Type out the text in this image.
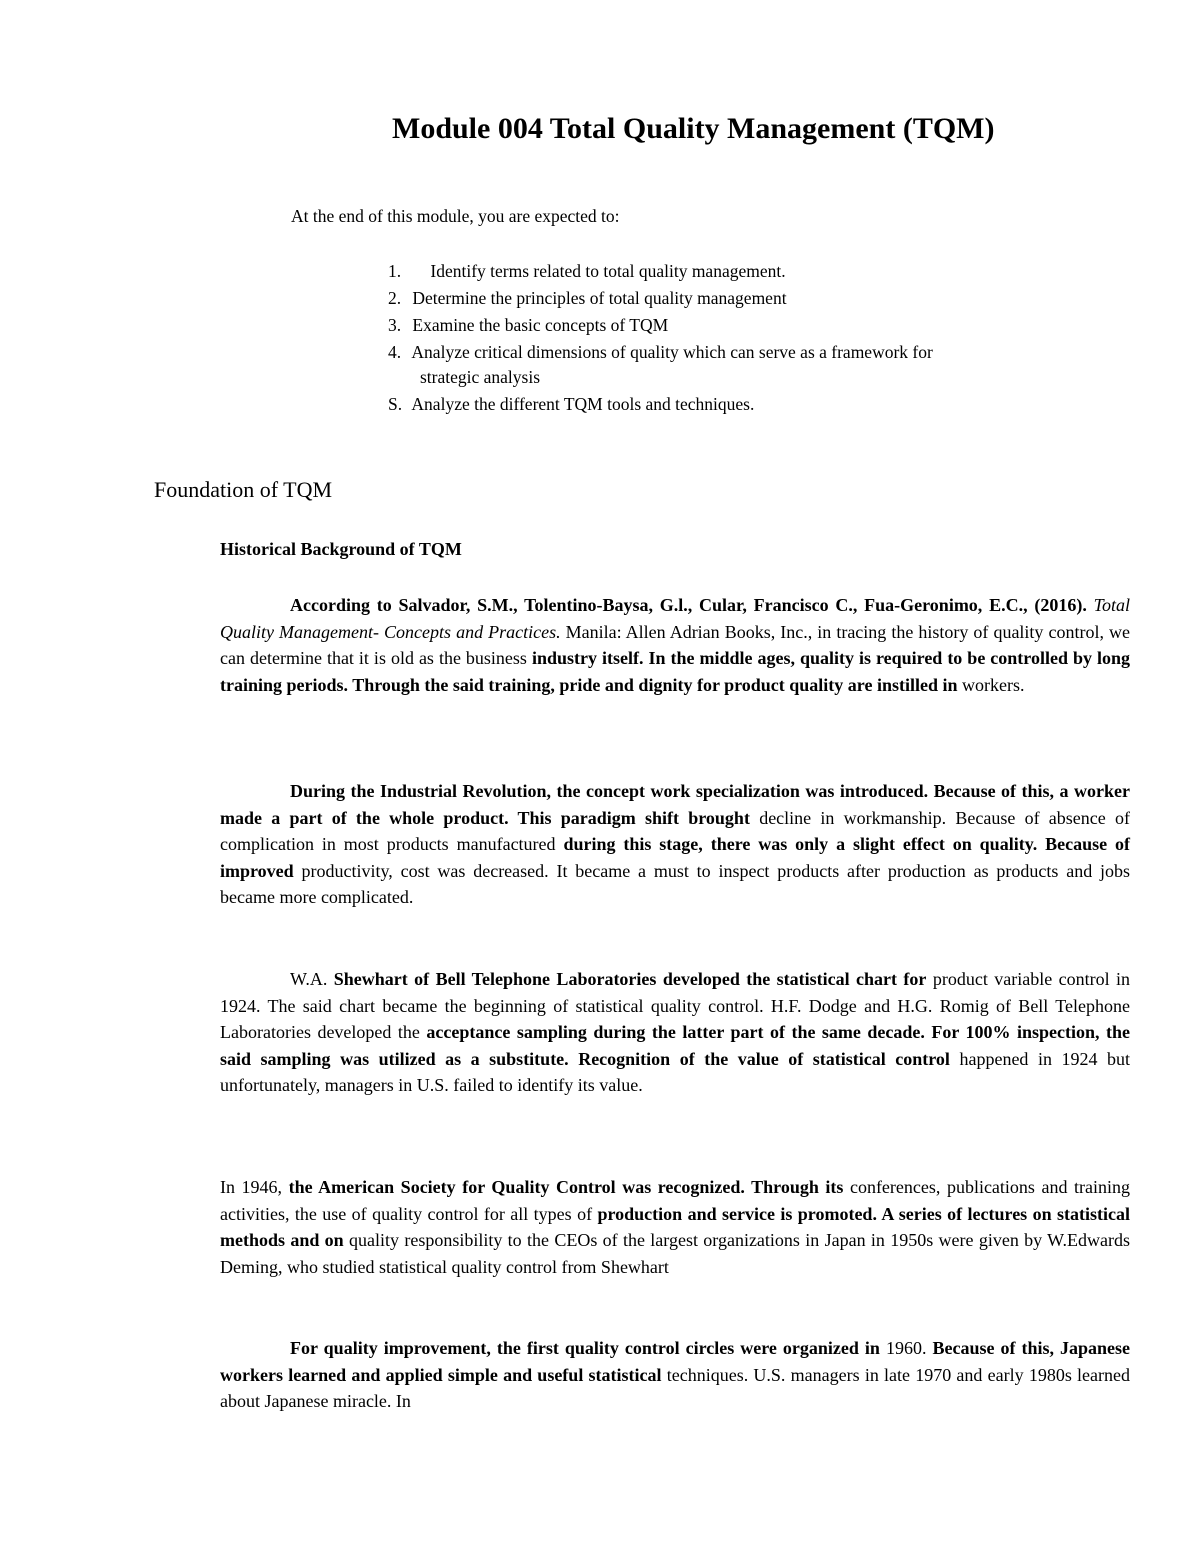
Module 004 Total Quality Management (TQM)

At the end of this module, you are expected to:

1. Identify terms related to total quality management.
2. Determine the principles of total quality management
3. Examine the basic concepts of TQM
4. Analyze critical dimensions of quality which can serve as a framework for
strategic analysis
S. Analyze the different TQM tools and techniques.
Foundation of TQM
Historical Background of TQM

According to Salvador, S.M., Tolentino-Baysa, G.l., Cular, Francisco C., Fua-Geronimo, E.C., (2016). Total Quality Management- Concepts and Practices. Manila: Allen Adrian Books, Inc., in tracing the history of quality control, we can determine that it is old as the business industry itself. In the middle ages, quality is required to be controlled by long training periods. Through the said training, pride and dignity for product quality are instilled in workers.

During the Industrial Revolution, the concept work specialization was introduced. Because of this, a worker made a part of the whole product. This paradigm shift brought decline in workmanship. Because of absence of complication in most products manufactured during this stage, there was only a slight effect on quality. Because of improved productivity, cost was decreased. It became a must to inspect products after production as products and jobs became more complicated.

W.A. Shewhart of Bell Telephone Laboratories developed the statistical chart for product variable control in 1924. The said chart became the beginning of statistical quality control. H.F. Dodge and H.G. Romig of Bell Telephone Laboratories developed the acceptance sampling during the latter part of the same decade. For 100% inspection, the said sampling was utilized as a substitute. Recognition of the value of statistical control happened in 1924 but unfortunately, managers in U.S. failed to identify its value.

In 1946, the American Society for Quality Control was recognized. Through its conferences, publications and training activities, the use of quality control for all types of production and service is promoted. A series of lectures on statistical methods and on quality responsibility to the CEOs of the largest organizations in Japan in 1950s were given by W.Edwards Deming, who studied statistical quality control from Shewhart

For quality improvement, the first quality control circles were organized in 1960. Because of this, Japanese workers learned and applied simple and useful statistical techniques. U.S. managers in late 1970 and early 1980s learned about Japanese miracle. In
